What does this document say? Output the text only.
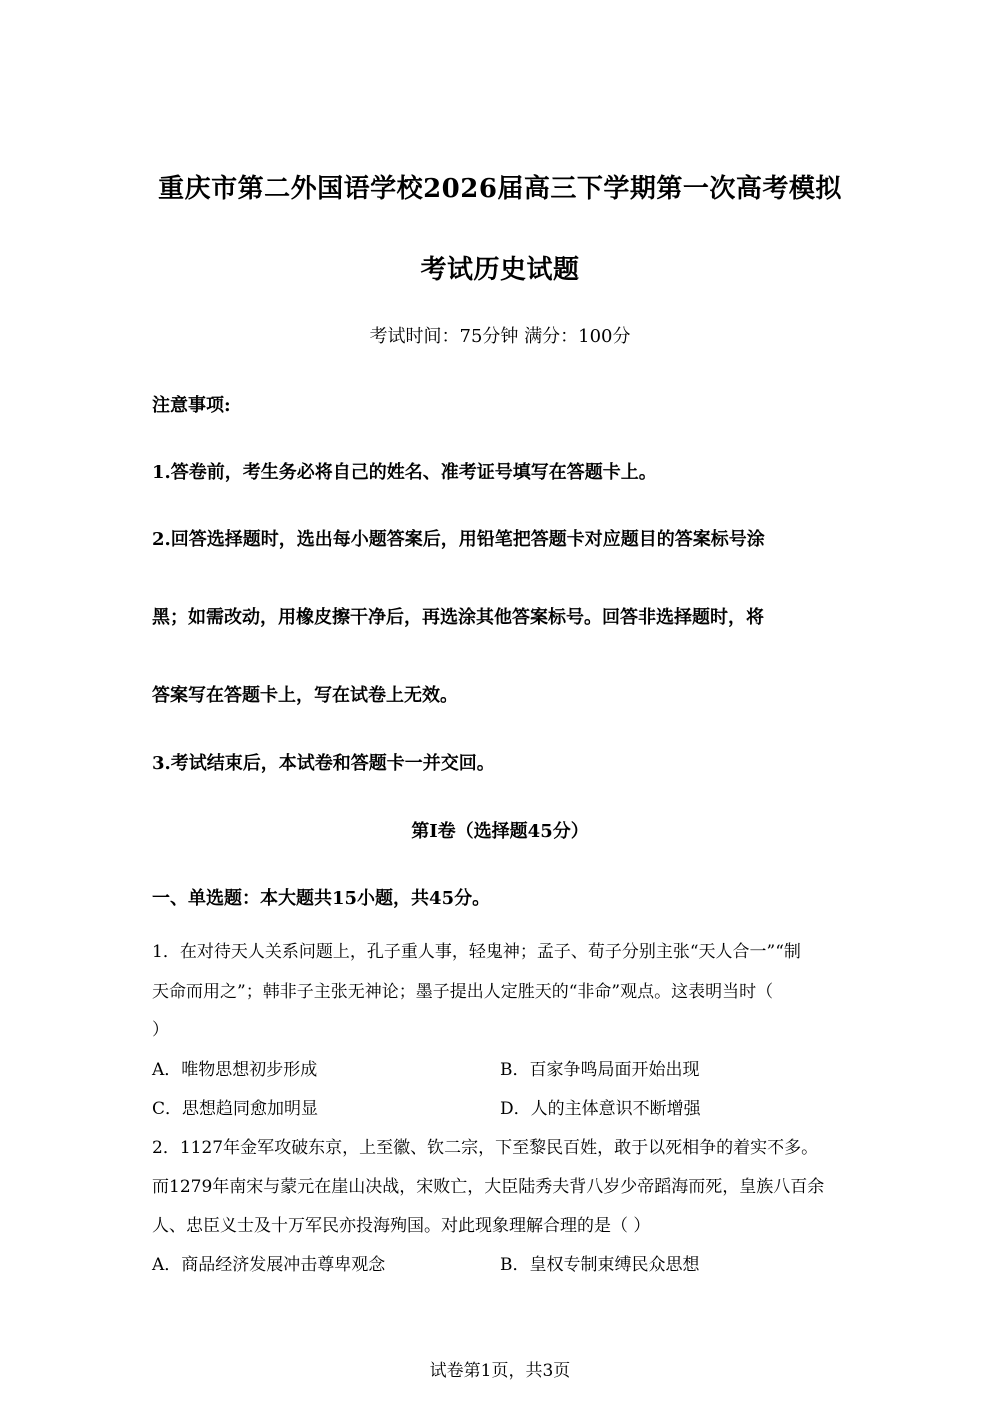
重庆市第二外国语学校2026届高三下学期第一次高考模拟
考试历史试题
考试时间：75分钟 满分：100分
注意事项:
1.答卷前，考生务必将自己的姓名、准考证号填写在答题卡上。
2.回答选择题时，选出每小题答案后，用铅笔把答题卡对应题目的答案标号涂
黑；如需改动，用橡皮擦干净后，再选涂其他答案标号。回答非选择题时，将
答案写在答题卡上，写在试卷上无效。
3.考试结束后，本试卷和答题卡一并交回。
第I卷（选择题45分）
一、单选题：本大题共15小题，共45分。
1．在对待天人关系问题上，孔子重人事，轻鬼神；孟子、荀子分别主张“天人合一”“制
天命而用之”；韩非子主张无神论；墨子提出人定胜天的“非命”观点。这表明当时（
）
A．唯物思想初步形成	B．百家争鸣局面开始出现
C．思想趋同愈加明显	D．人的主体意识不断增强
2．1127年金军攻破东京，上至徽、钦二宗，下至黎民百姓，敢于以死相争的着实不多。
而1279年南宋与蒙元在崖山决战，宋败亡，大臣陆秀夫背八岁少帝蹈海而死，皇族八百余
人、忠臣义士及十万军民亦投海殉国。对此现象理解合理的是（ ）
A．商品经济发展冲击尊卑观念	B．皇权专制束缚民众思想
试卷第1页，共3页
